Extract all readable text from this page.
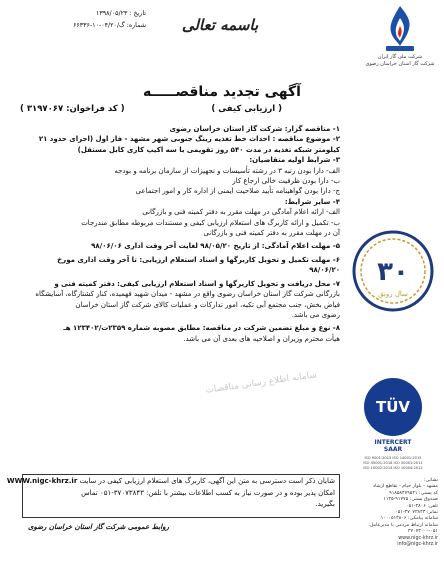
تاریخ : ۱۳۹۸/۰۵/۲۳
شماره: گ/۰۴/۲۰-۱۰-۶۶۳۳۶	باسمه تعالی
شرکت ملی گاز ایران
شرکت گاز استان خراسان رضوی
آگهی تجدید مناقصـــــه
( ارزیابی کیفی )
( کد فراخوان: ۳۱۹۷۰۶۷ )

۱- مناقصه گزار: شرکت گاز استان خراسان رضوی

۲- موضوع مناقصه : احداث خط تغذیه رینگ جنوبی شهر مشهد - فاز اول (اجرای حدود ۲۱

کیلومتر شبکه تغذیه در مدت ۵۴۰ روز تقویمی با سه اکیپ کاری کابل مستقل)

۳- شرایط اولیه متقاضیان:

الف- دارا بودن رتبه ۳ در رشته تأسیسات و تجهیزات از سازمان برنامه و بودجه

ب- دارا بودن ظرفیت خالی ارجاع کار

ج- دارا بودن گواهینامه تأیید صلاحیت ایمنی از اداره کار و امور اجتماعی

۴- سایر شرایط:

الف- ارائه اعلام آمادگی در مهلت مقرر به دفتر کمیته فنی و بازرگانی

ب- تکمیل و ارائه کاربرگ های استعلام ارزیابی کیفی و مستندات مربوطه مطابق مندرجات

آن در مهلت مقرر به دفتر کمیته فنی و بازرگانی

۵- مهلت اعلام آمادگی: از تاریخ ۹۸/۰۵/۲۰ لغایت آخر وقت اداری ۹۸/۰۶/۰۶

۶- مهلت تکمیل و تحویل کاربرگها و اسناد استعلام ارزیابی: تا آخر وقت اداری مورخ

۹۸/۰۶/۲۰

۷- محل دریافت و تحویل کاربرگها و اسناد استعلام ارزیابی کیفی: دفتر کمیته فنی و

بازرگانی شرکت گاز استان خراسان رضوی واقع در مشهد - میدان شهید فهمیده، کنار کشتارگاه، آسایشگاه

فیاض بخش، جنب مجتمع آبی تکیه، امور تدارکات و عملیات کالای شرکت گاز استان خراسان

رضوی می باشد.

۸- نوع و مبلغ تضمین شرکت در مناقصه: مطابق مصوبه شماره ۲۳۵۹ت/۱۲۳۴۰۲ هـ

هیأت محترم وزیران و اصلاحیه های بعدی آن می باشد.

سامانه اطلاع رسانی مناقصات
۳۰
سال رونق
TÜV
INTERCERT
SAAR
ISO 9001:2015 ISO 14001:2015
ISO 45001:2018 ISO 50001:2011
ISO 10002:2014 ISO 10004:2012

شایان ذکر است دسترسی به متن این آگهی، کاربرگ های استعلام ارزیابی کیفی در سایت WWW.nigc-khrz.ir

امکان پذیر بوده و در صورت نیاز به کسب اطلاعات بیشتر با تلفن: ۳۷۰۷۳۸۴۳-۰۵۱ تماس

بگیرید.

روابط عمومی شرکت گاز استان خراسان رضوی

نشانی:

مشهد - بلوار خیام - تقاطع ارشاد

کد پستی: ۹۱۸۵۸۴۷۹۵۴۱

صندوق پستی: ۹۱۷۷۵-۱۱۳۵

تلفن: ۳۸۰۶-۰۵۱

نمابر: ۳۷۰۷۳۸۴۳-۰۵۱

سامانه پیامکی: ۱۰۰۰۵۱۳۸۰۶

سامانه ارتباط مردمی با مدیرعامل:

۳۷۰۷۳۰۰۰-۰۵۱

www.nigc-khrz.ir

info@nigc-khrz.ir
